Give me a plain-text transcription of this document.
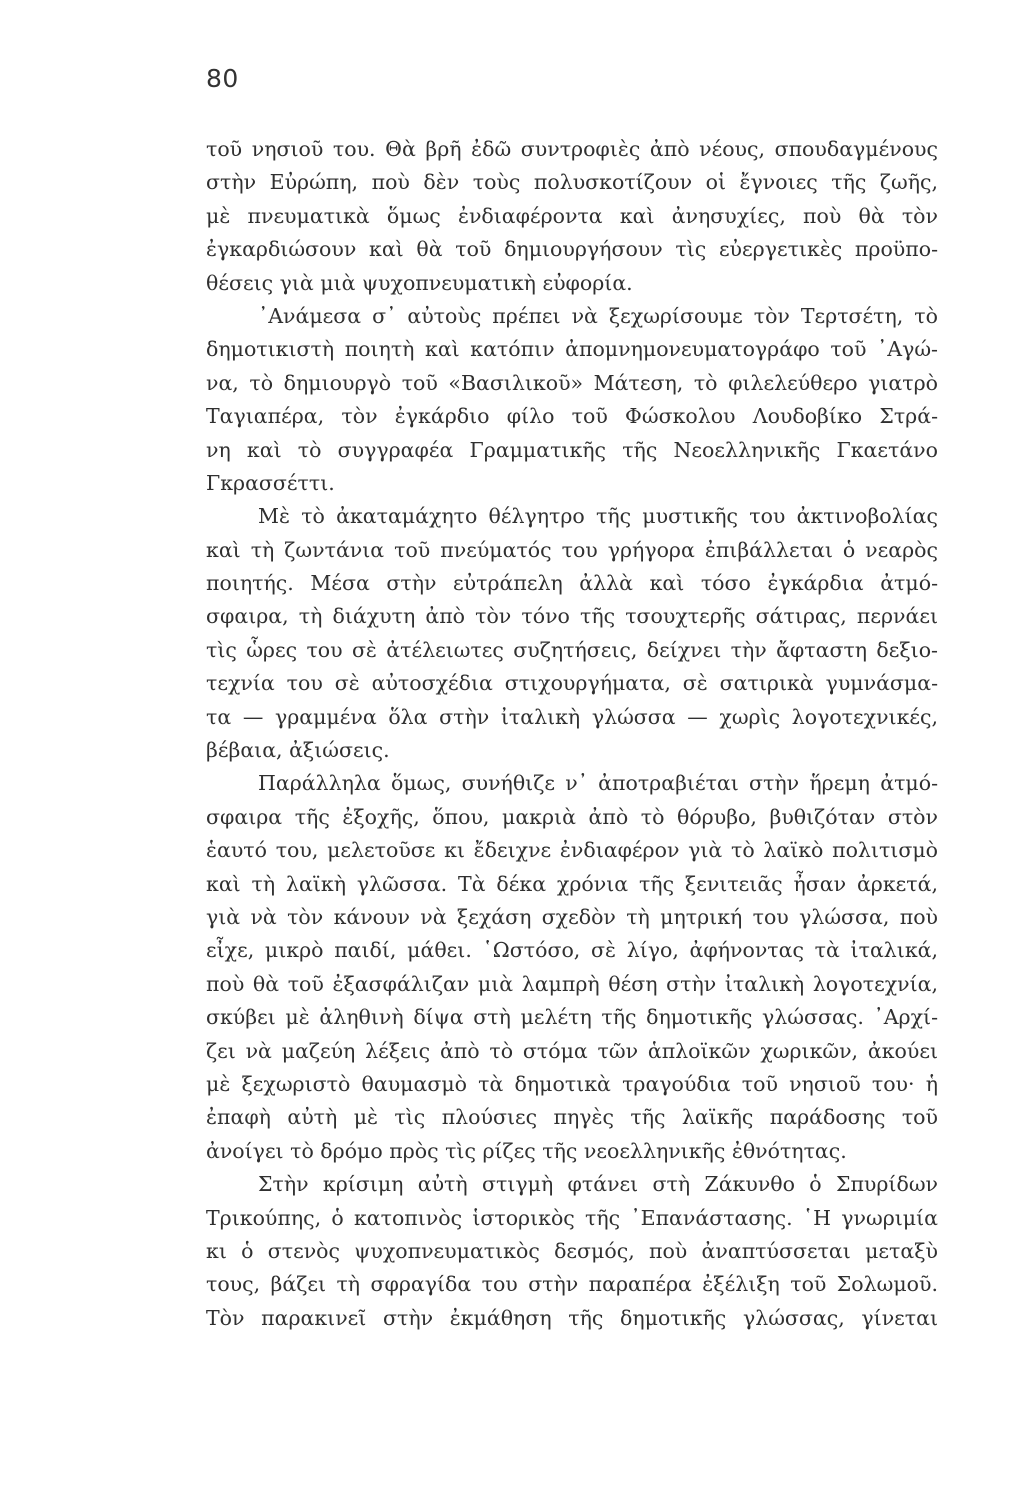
80
τοῦ νησιοῦ του. Θὰ βρῆ ἐδῶ συντροφιὲς ἀπὸ νέους, σπουδαγμένους
στὴν Εὐρώπη, ποὺ δὲν τοὺς πολυσκοτίζουν οἱ ἔγνοιες τῆς ζωῆς,
μὲ πνευματικὰ ὅμως ἐνδιαφέροντα καὶ ἀνησυχίες, ποὺ θὰ τὸν
ἐγκαρδιώσουν καὶ θὰ τοῦ δημιουργήσουν τὶς εὐεργετικὲς προϋπο-
θέσεις γιὰ μιὰ ψυχοπνευματικὴ εὐφορία.
᾿Ανάμεσα σ᾿ αὐτοὺς πρέπει νὰ ξεχωρίσουμε τὸν Τερτσέτη, τὸ
δημοτικιστὴ ποιητὴ καὶ κατόπιν ἀπομνημονευματογράφο τοῦ ᾿Αγώ-
να, τὸ δημιουργὸ τοῦ «Βασιλικοῦ» Μάτεση, τὸ φιλελεύθερο γιατρὸ
Ταγιαπέρα, τὸν ἐγκάρδιο φίλο τοῦ Φώσκολου Λουδοβίκο Στρά-
νη καὶ τὸ συγγραφέα Γραμματικῆς τῆς Νεοελληνικῆς Γκαετάνο
Γκρασσέττι.
Μὲ τὸ ἀκαταμάχητο θέλγητρο τῆς μυστικῆς του ἀκτινοβολίας
καὶ τὴ ζωντάνια τοῦ πνεύματός του γρήγορα ἐπιβάλλεται ὁ νεαρὸς
ποιητής. Μέσα στὴν εὐτράπελη ἀλλὰ καὶ τόσο ἐγκάρδια ἀτμό-
σφαιρα, τὴ διάχυτη ἀπὸ τὸν τόνο τῆς τσουχτερῆς σάτιρας, περνάει
τὶς ὧρες του σὲ ἀτέλειωτες συζητήσεις, δείχνει τὴν ἄφταστη δεξιο-
τεχνία του σὲ αὐτοσχέδια στιχουργήματα, σὲ σατιρικὰ γυμνάσμα-
τα — γραμμένα ὅλα στὴν ἰταλικὴ γλώσσα — χωρὶς λογοτεχνικές,
βέβαια, ἀξιώσεις.
Παράλληλα ὅμως, συνήθιζε ν᾿ ἀποτραβιέται στὴν ἥρεμη ἀτμό-
σφαιρα τῆς ἐξοχῆς, ὅπου, μακριὰ ἀπὸ τὸ θόρυβο, βυθιζόταν στὸν
ἑαυτό του, μελετοῦσε κι ἔδειχνε ἐνδιαφέρον γιὰ τὸ λαϊκὸ πολιτισμὸ
καὶ τὴ λαϊκὴ γλῶσσα. Τὰ δέκα χρόνια τῆς ξενιτειᾶς ἦσαν ἀρκετά,
γιὰ νὰ τὸν κάνουν νὰ ξεχάση σχεδὸν τὴ μητρική του γλώσσα, ποὺ
εἶχε, μικρὸ παιδί, μάθει. ῾Ωστόσο, σὲ λίγο, ἀφήνοντας τὰ ἰταλικά,
ποὺ θὰ τοῦ ἐξασφάλιζαν μιὰ λαμπρὴ θέση στὴν ἰταλικὴ λογοτεχνία,
σκύβει μὲ ἀληθινὴ δίψα στὴ μελέτη τῆς δημοτικῆς γλώσσας. ᾿Αρχί-
ζει νὰ μαζεύη λέξεις ἀπὸ τὸ στόμα τῶν ἁπλοϊκῶν χωρικῶν, ἀκούει
μὲ ξεχωριστὸ θαυμασμὸ τὰ δημοτικὰ τραγούδια τοῦ νησιοῦ του· ἡ
ἐπαφὴ αὐτὴ μὲ τὶς πλούσιες πηγὲς τῆς λαϊκῆς παράδοσης τοῦ
ἀνοίγει τὸ δρόμο πρὸς τὶς ρίζες τῆς νεοελληνικῆς ἐθνότητας.
Στὴν κρίσιμη αὐτὴ στιγμὴ φτάνει στὴ Ζάκυνθο ὁ Σπυρίδων
Τρικούπης, ὁ κατοπινὸς ἱστορικὸς τῆς ᾿Επανάστασης. ῾Η γνωριμία
κι ὁ στενὸς ψυχοπνευματικὸς δεσμός, ποὺ ἀναπτύσσεται μεταξὺ
τους, βάζει τὴ σφραγίδα του στὴν παραπέρα ἐξέλιξη τοῦ Σολωμοῦ.
Τὸν παρακινεῖ στὴν ἐκμάθηση τῆς δημοτικῆς γλώσσας, γίνεται
